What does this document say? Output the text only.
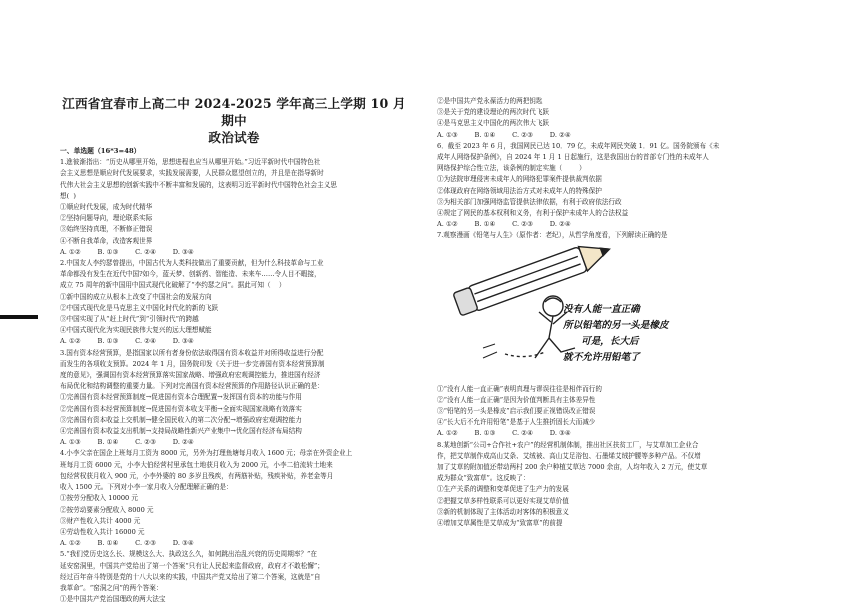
江西省宜春市上高二中 2024-2025 学年高三上学期 10 月期中
政治试卷
一、单选题（16*3=48）
1.進彼渐指出：“历史从哪里开始，思想进程也应当从哪里开始。”习近平新时代中国特色社
会主义思想是顺应时代发展要求，实践发展需要，人民群众愿望创立的，并且是在指导新时
代伟大社会主义思想的创新实践中不断丰富和发展的，这表明习近平新时代中国特色社会主义思
想(  )
①顺应时代发展，成为时代精华
②坚持问题导向，理论联系实际
③始终坚持真理，不断修正错误
④不断自我革命，改造客观世界
A. ①②        B. ①③        C. ②④        D. ③④
2.中国友人李约瑟曾提出，中国古代为人类科技做出了重要贡献，但为什么科技革命与工业
革命都没有发生在近代中国?如今，蓝天梦、创新药、智能造、未来车……令人目不暇接，
成立 75 周年的新中国用中国式现代化破解了“李约瑟之问”。据此可知（    ）
①新中国的成立从根本上改变了中国社会的发展方向
②中国式现代化是马克思主义中国化时代化的新的飞跃
③中国实现了从“赶上时代”到“引领时代”的跨越
④中国式现代化为实现民族伟大复兴的远大理想赋能
A. ①②        B. ①③        C. ②④        D. ③④
3.国有资本经营预算，是指国家以所有者身份依法取得国有资本收益并对所得收益进行分配
而发生的各项收支预算。2024 年 1 月，国务院印发《关于进一步完善国有资本经营预算制
度的意见》，强调国有资本经营预算落实国家战略、增强政府宏观调控能力，推进国有经济
布局优化和结构调整的重要力量。下列对完善国有资本经营预算的作用路径认识正确的是：
①完善国有资本经营预算制度→促进国有资本合理配置→发挥国有资本的功能与作用
②完善国有资本经营预算制度→促进国有资本收支平衡→全面实现国家战略有效落实
③完善国有资本收益上交机制→健全国民收入的第二次分配→增强政府宏观调控能力
④完善国有资本收益支出机制→支持局战略性新兴产业集中→优化国有经济布局结构
A. ①③        B. ①④        C. ②③        D. ②④
4.小李父亲在国企上班每月工资为 8000 元，另外为打理鱼塘每月收入 1600 元；母亲在外资企业上
班每月工资 6000 元，小李大伯经营村里承包土地获月收入为 2000 元，小李二伯流转土地来
包经营权获月收入 900 元，小李外婆的 80 多岁且残疾，有两筋补贴，残疾补贴，养老金等月
收入 1500 元。下列对小李一家月收入分配理解正确的是：
①按劳分配收入 10000 元
②按劳动要素分配收入 8000 元
③财产性收入共计 4000 元
④劳动性收入共计 16000 元
A. ①②        B. ①④        C. ②③        D. ③④
5.“我们党历史这么长、规模这么大、执政这么久，如何跳出治乱兴衰的历史周期率？”在
延安窑洞里，中国共产党给出了第一个答案“只有让人民起来监督政府，政府才不敢松懈”；
经过百年奋斗特别是党的十八大以来的实践，中国共产党又给出了第二个答案，这就是“自
我革命”。“窑洞之问”的两个答案：
①是中国共产党治国理政的两大法宝
②是中国共产党永葆活力的两把钥匙
③是关于党的建设理论的两次时代飞跃
④是马克思主义中国化的两次伟大飞跃
A. ①③        B. ①④        C. ②③        D. ②④
6．截至 2023 年 6 月，我国网民已达 10．79 亿，未成年网民突破 1．91 亿。国务院颁布《未
成年人网络保护条例》，自 2024 年 1 月 1 日起施行，这是我国出台的首部专门性的未成年人
网络保护综合性立法，该条例的制定实施（        ）
①为法院审理侵害未成年人的网络犯罪案件提供裁判依据
②体现政府在网络领域用法治方式对未成年人的特殊保护
③为相关部门加强网络监管提供法律依据，有利于政府依法行政
④规定了网民的基本权利和义务，有利于保护未成年人的合法权益
A. ①②        B. ①④        C. ②③        D. ②④
7.观察漫画《铅笔与人生》（原作者：老纪），从哲学角度看，下列解读正确的是
没有人能一直正确
所以铅笔的另一头是橡皮
可是，长大后
就不允许用铅笔了
①“没有人能一直正确”表明真理与谬误往往是相伴而行的
②“没有人能一直正确”是因为价值判断具有主体差异性
③“铅笔的另一头是橡皮”启示我们要正视错误改正错误
④“长大后不允许用铅笔”是基于人生推折固长大而减少
A. ①②        B. ①③        C. ②④        D. ③④
8.某地创新“公司+合作社+农户”的经营机制体制，推出社区扶贫工厂，与艾草加工企业合
作，把艾草制作成高山艾条、艾绒被、高山艾足浴包、石墨烯艾绒护腰等多种产品。不仅增
加了艾草的附加值还带动两村 200 余户种植艾草达 7000 余亩，人均年收入 2 万元，使艾草
成为群众“致富草”。这反映了：
①生产关系的调整和变革促进了生产力的发展
②把握艾草多样性联系可以更好实现艾草价值
③新的机制体现了主体活动对客体的积极意义
④增加艾草属性是艾草成为“致富草”的前提
